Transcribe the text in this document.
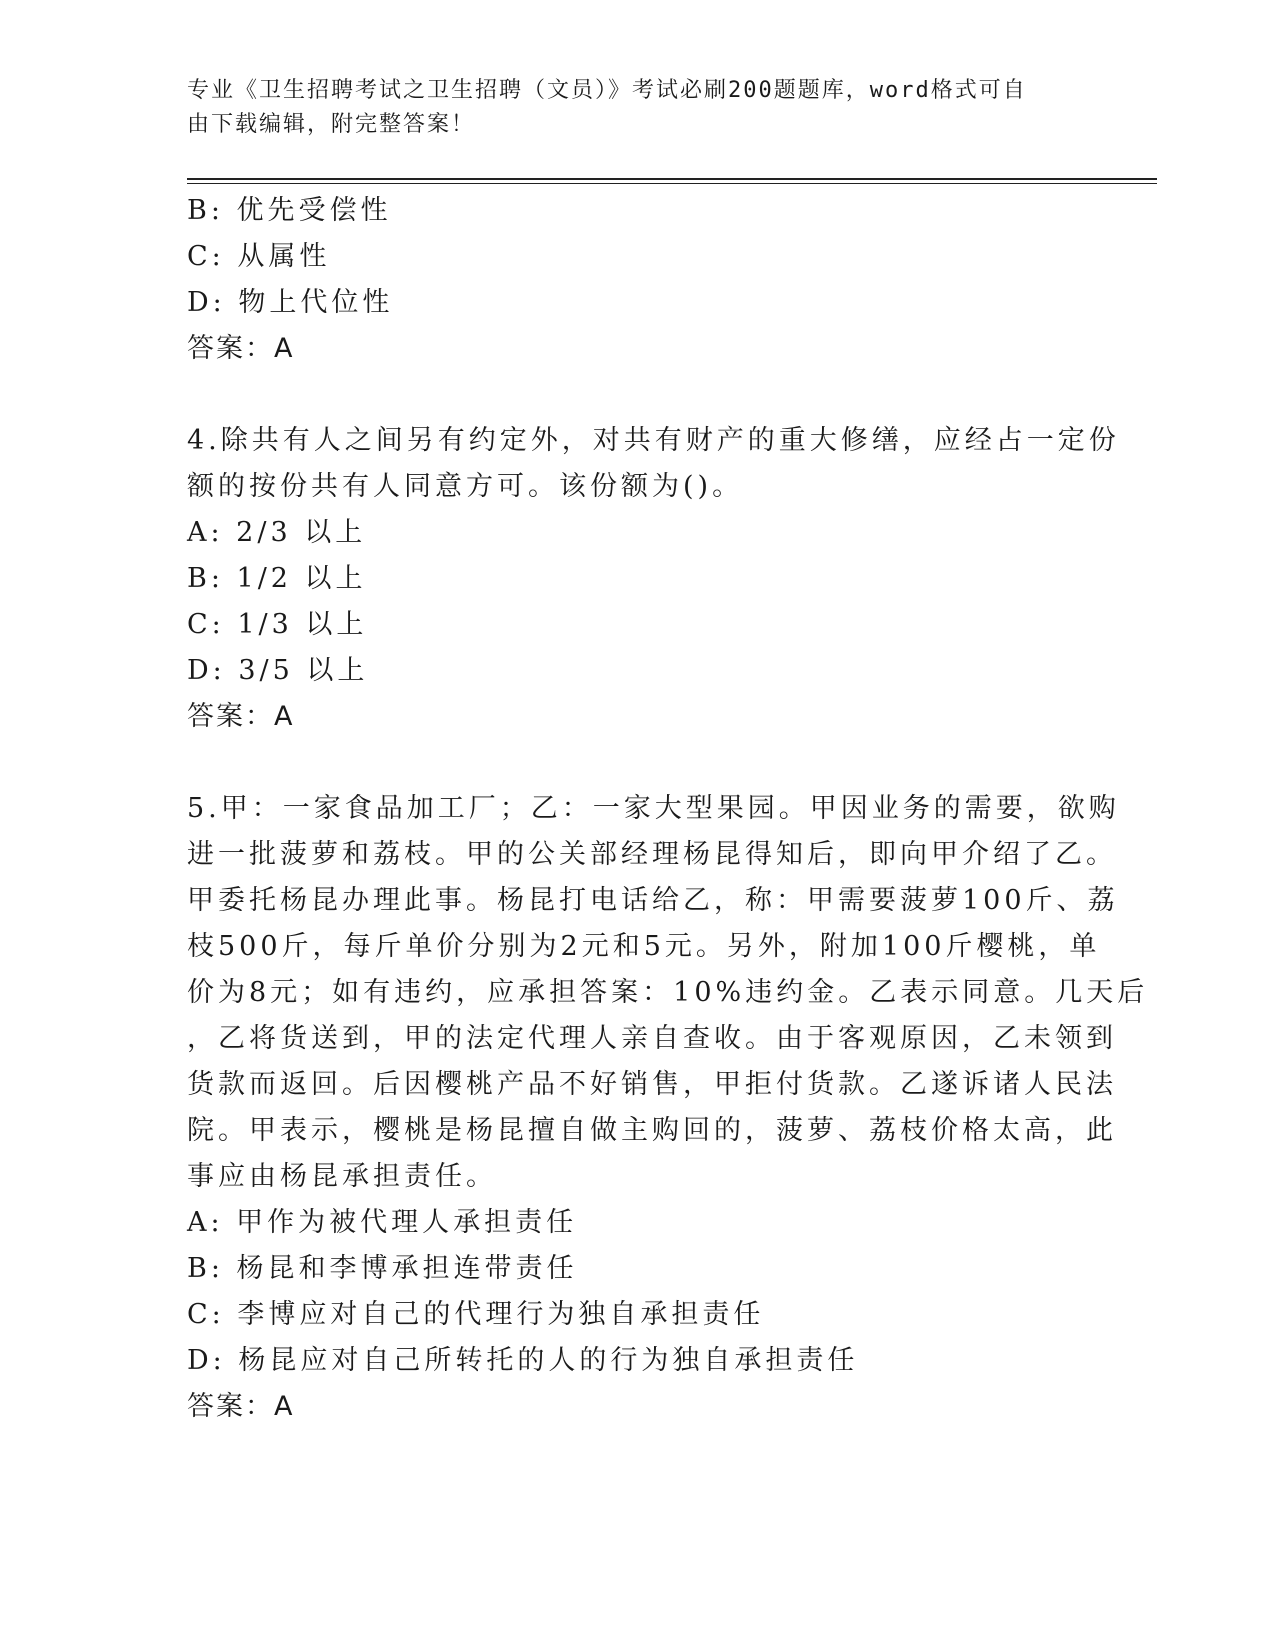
专业《卫生招聘考试之卫生招聘（文员）》考试必刷200题题库，word格式可自
由下载编辑，附完整答案！
B: 优先受偿性
C: 从属性
D: 物上代位性
答案：A
4.除共有人之间另有约定外，对共有财产的重大修缮，应经占一定份
额的按份共有人同意方可。该份额为()。
A: 2/3 以上
B: 1/2 以上
C: 1/3 以上
D: 3/5 以上
答案：A
5.甲：一家食品加工厂；乙：一家大型果园。甲因业务的需要，欲购
进一批菠萝和荔枝。甲的公关部经理杨昆得知后，即向甲介绍了乙。
甲委托杨昆办理此事。杨昆打电话给乙，称：甲需要菠萝100斤、荔
枝500斤，每斤单价分别为2元和5元。另外，附加100斤樱桃，单
价为8元；如有违约，应承担答案：10%违约金。乙表示同意。几天后
，乙将货送到，甲的法定代理人亲自查收。由于客观原因，乙未领到
货款而返回。后因樱桃产品不好销售，甲拒付货款。乙遂诉诸人民法
院。甲表示，樱桃是杨昆擅自做主购回的，菠萝、荔枝价格太高，此
事应由杨昆承担责任。
A: 甲作为被代理人承担责任
B: 杨昆和李博承担连带责任
C: 李博应对自己的代理行为独自承担责任
D: 杨昆应对自己所转托的人的行为独自承担责任
答案：A
